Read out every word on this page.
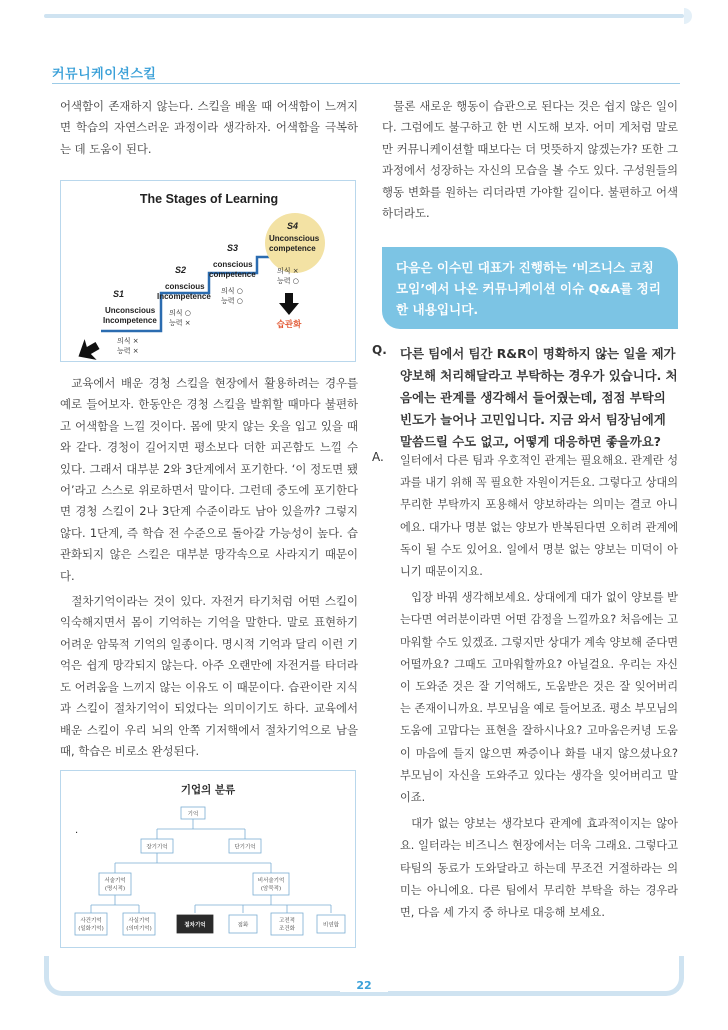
커뮤니케이션스킬

어색함이 존재하지 않는다. 스킬을 배울 때 어색함이 느껴지면 학습의 자연스러운 과정이라 생각하자. 어색함을 극복하는 데 도움이 된다.

The Stages of Learning
S1
Unconscious
Incompetence
의식 ×
능력 ×
S2
conscious
Incompetence
의식 ○
능력 ×
S3
conscious
competence
의식 ○
능력 ○
S4
Unconscious
competence
의식 ×
능력 ○
습관화

교육에서 배운 경청 스킬을 현장에서 활용하려는 경우를 예로 들어보자. 한동안은 경청 스킬을 발휘할 때마다 불편하고 어색함을 느낄 것이다. 몸에 맞지 않는 옷을 입고 있을 때와 같다. 경청이 길어지면 평소보다 더한 피곤함도 느낄 수 있다. 그래서 대부분 2와 3단계에서 포기한다. ‘이 정도면 됐어’라고 스스로 위로하면서 말이다. 그런데 중도에 포기한다면 경청 스킬이 2나 3단계 수준이라도 남아 있을까? 그렇지 않다. 1단계, 즉 학습 전 수준으로 돌아갈 가능성이 높다. 습관화되지 않은 스킬은 대부분 망각속으로 사라지기 때문이다.

절차기억이라는 것이 있다. 자전거 타기처럼 어떤 스킬이 익숙해지면서 몸이 기억하는 기억을 말한다. 말로 표현하기 어려운 암묵적 기억의 일종이다. 명시적 기억과 달리 이런 기억은 쉽게 망각되지 않는다. 아주 오랜만에 자전거를 타더라도 어려움을 느끼지 않는 이유도 이 때문이다. 습관이란 지식과 스킬이 절차기억이 되었다는 의미이기도 하다. 교육에서 배운 스킬이 우리 뇌의 안쪽 기저핵에서 절차기억으로 남을 때, 학습은 비로소 완성된다.

기업의 분류
.
기억
장기기억	단기기억
서술기억
(명시적)
비서술기억
(암묵적)
사건기억
(일화기억)
사실기억
(의미기억)
절차기억	점화
고전적
조건화
비연합

물론 새로운 행동이 습관으로 된다는 것은 쉽지 않은 일이다. 그럼에도 불구하고 한 번 시도해 보자. 어미 게처럼 말로만 커뮤니케이션할 때보다는 더 멋뜻하지 않겠는가? 또한 그 과정에서 성장하는 자신의 모습을 볼 수도 있다. 구성원들의 행동 변화를 원하는 리더라면 가야할 길이다. 불편하고 어색하더라도.

다음은 이수민 대표가 진행하는 ‘비즈니스 코칭 모임’에서 나온 커뮤니케이션 이슈 Q&A를 정리한 내용입니다.
Q.	다른 팀에서 팀간 R&R이 명확하지 않는 일을 제가 양보해 처리해달라고 부탁하는 경우가 있습니다. 처음에는 관계를 생각해서 들어줬는데, 점점 부탁의 빈도가 늘어나 고민입니다. 지금 와서 팀장님에게 말씀드릴 수도 없고, 어떻게 대응하면 좋을까요?
A. 일터에서 다른 팀과 우호적인 관계는 필요해요. 관계란 성과를 내기 위해 꼭 필요한 자원이거든요. 그렇다고 상대의 무리한 부탁까지 포용해서 양보하라는 의미는 결코 아니에요. 대가나 명분 없는 양보가 반복된다면 오히려 관계에 독이 될 수도 있어요. 일에서 명분 없는 양보는 미덕이 아니기 때문이지요.

입장 바꿔 생각해보세요. 상대에게 대가 없이 양보를 받는다면 여러분이라면 어떤 감정을 느낄까요? 처음에는 고마워할 수도 있겠죠. 그렇지만 상대가 계속 양보해 준다면 어떨까요? 그때도 고마워할까요? 아닐걸요. 우리는 자신이 도와준 것은 잘 기억해도, 도움받은 것은 잘 잊어버리는 존재이니까요. 부모님을 예로 들어보죠. 평소 부모님의 도움에 고맙다는 표현을 잘하시나요? 고마움은커녕 도움이 마음에 들지 않으면 짜증이나 화를 내지 않으셨나요? 부모님이 자신을 도와주고 있다는 생각을 잊어버리고 말이죠.

대가 없는 양보는 생각보다 관계에 효과적이지는 않아요. 일터라는 비즈니스 현장에서는 더욱 그래요. 그렇다고 타팀의 동료가 도와달라고 하는데 무조건 거절하라는 의미는 아니에요. 다른 팀에서 무리한 부탁을 하는 경우라면, 다음 세 가지 중 하나로 대응해 보세요.

22
